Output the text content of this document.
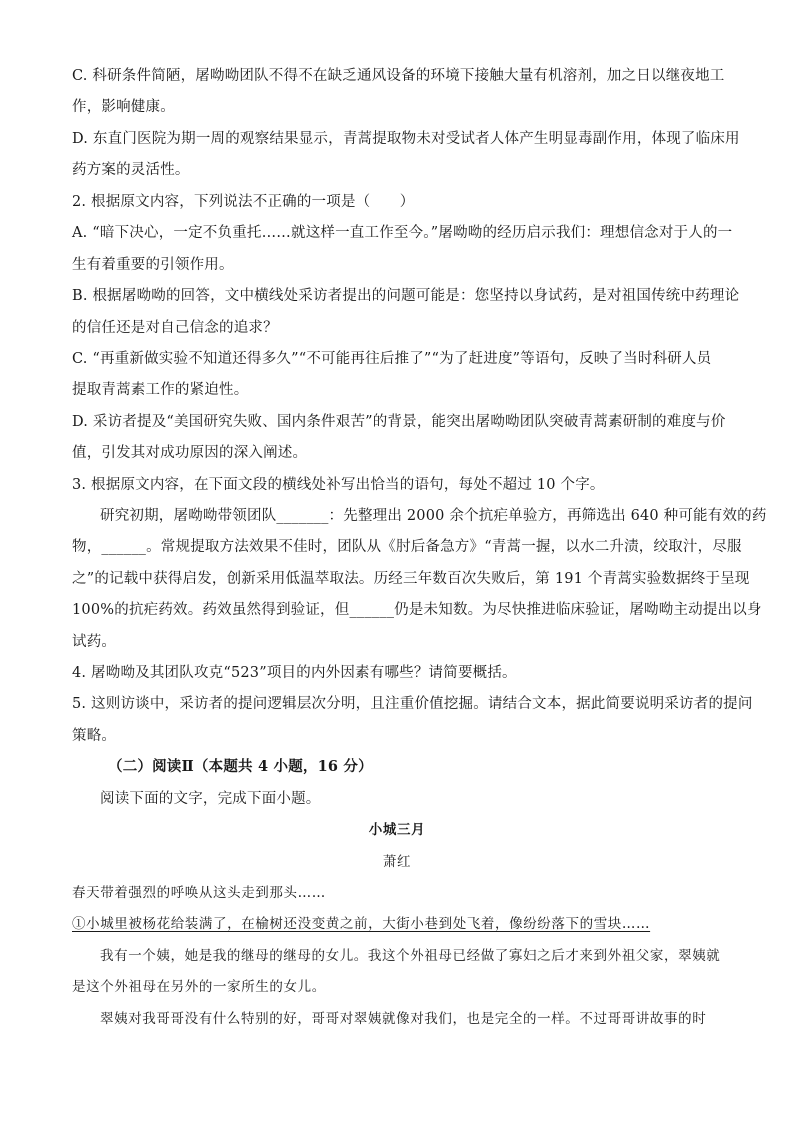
C. 科研条件简陋，屠呦呦团队不得不在缺乏通风设备的环境下接触大量有机溶剂，加之日以继夜地工
作，影响健康。
D. 东直门医院为期一周的观察结果显示，青蒿提取物未对受试者人体产生明显毒副作用，体现了临床用
药方案的灵活性。
2. 根据原文内容，下列说法不正确的一项是（　　）
A. “暗下决心，一定不负重托……就这样一直工作至今。”屠呦呦的经历启示我们：理想信念对于人的一
生有着重要的引领作用。
B. 根据屠呦呦的回答，文中横线处采访者提出的问题可能是：您坚持以身试药，是对祖国传统中药理论
的信任还是对自己信念的追求？
C. “再重新做实验不知道还得多久”“不可能再往后推了”“为了赶进度”等语句，反映了当时科研人员
提取青蒿素工作的紧迫性。
D. 采访者提及“美国研究失败、国内条件艰苦”的背景，能突出屠呦呦团队突破青蒿素研制的难度与价
值，引发其对成功原因的深入阐述。
3. 根据原文内容，在下面文段的横线处补写出恰当的语句，每处不超过 10 个字。
研究初期，屠呦呦带领团队_______：先整理出 2000 余个抗疟单验方，再筛选出 640 种可能有效的药
物，______。常规提取方法效果不佳时，团队从《肘后备急方》“青蒿一握，以水二升渍，绞取汁，尽服
之”的记载中获得启发，创新采用低温萃取法。历经三年数百次失败后，第 191 个青蒿实验数据终于呈现
100%的抗疟药效。药效虽然得到验证，但______仍是未知数。为尽快推进临床验证，屠呦呦主动提出以身
试药。
4. 屠呦呦及其团队攻克“523”项目的内外因素有哪些？请简要概括。
5. 这则访谈中，采访者的提问逻辑层次分明，且注重价值挖掘。请结合文本，据此简要说明采访者的提问
策略。
（二）阅读Ⅱ（本题共 4 小题，16 分）
阅读下面的文字，完成下面小题。
小城三月
萧红
春天带着强烈的呼唤从这头走到那头……
①小城里被杨花给装满了，在榆树还没变黄之前，大街小巷到处飞着，像纷纷落下的雪块……
我有一个姨，她是我的继母的继母的女儿。我这个外祖母已经做了寡妇之后才来到外祖父家，翠姨就
是这个外祖母在另外的一家所生的女儿。
翠姨对我哥哥没有什么特别的好，哥哥对翠姨就像对我们，也是完全的一样。不过哥哥讲故事的时
